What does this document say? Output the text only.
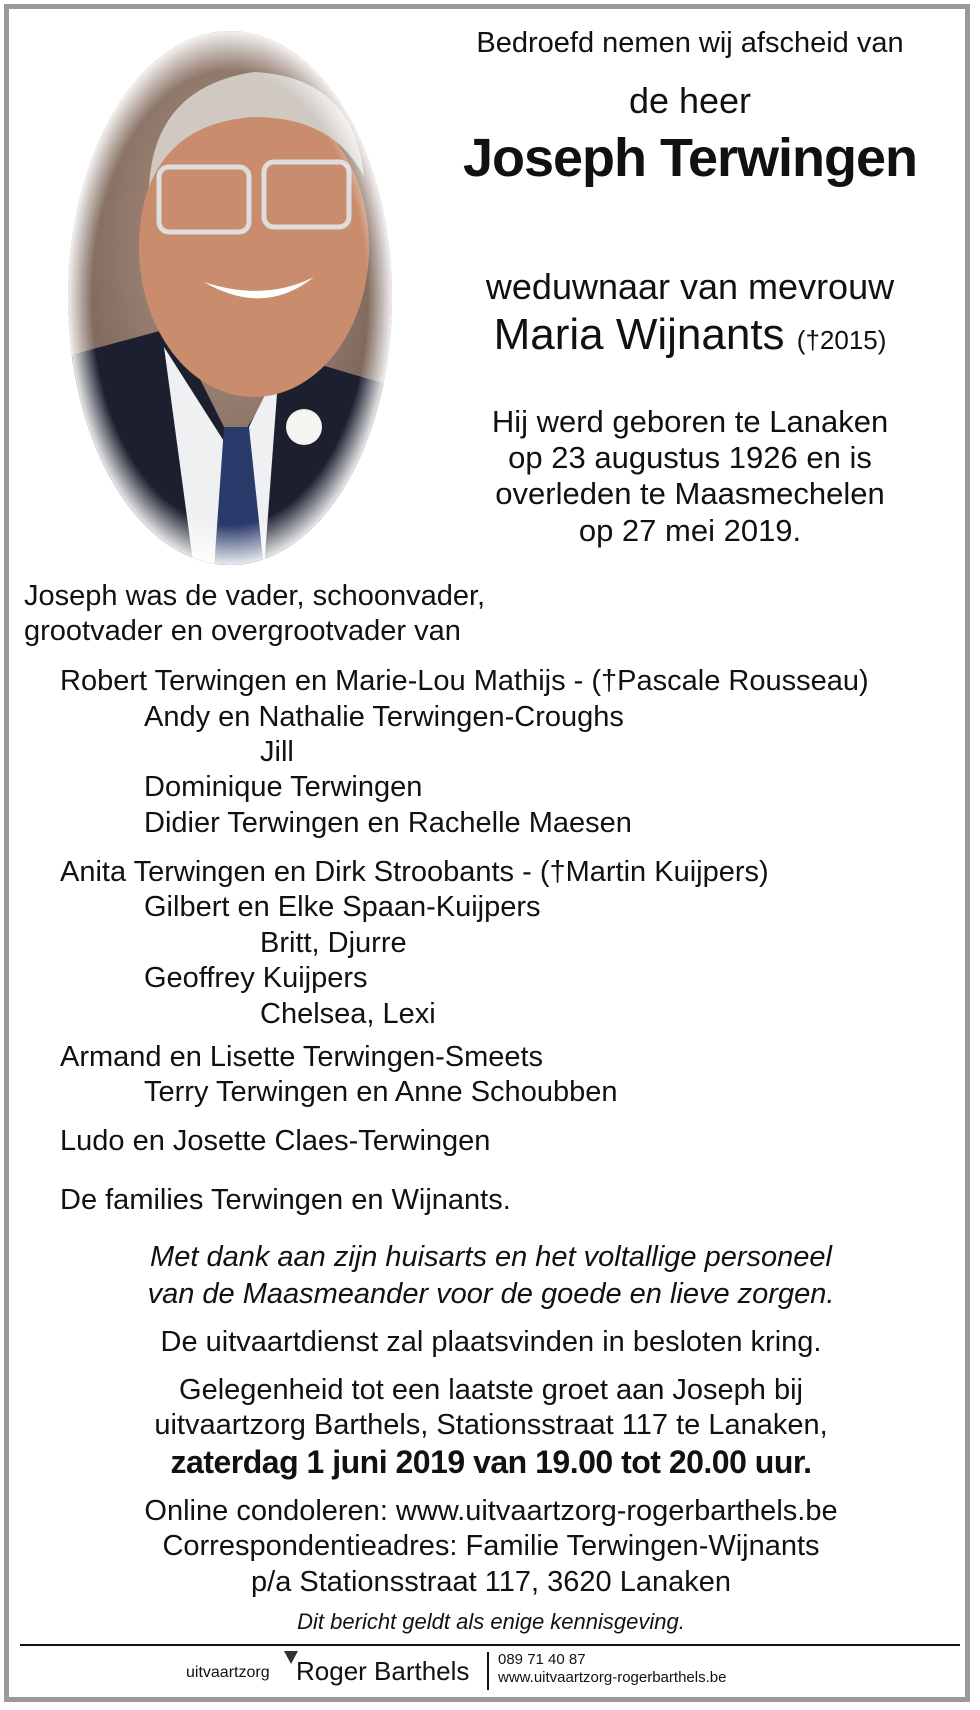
Bedroefd nemen wij afscheid van
de heer
Joseph Terwingen
weduwnaar van mevrouw
Maria Wijnants (†2015)
Hij werd geboren te Lanaken
op 23 augustus 1926 en is
overleden te Maasmechelen
op 27 mei 2019.
Joseph was de vader, schoonvader,
grootvader en overgrootvader van
Robert Terwingen en Marie-Lou Mathijs - (†Pascale Rousseau)
Andy en Nathalie Terwingen-Croughs
Jill
Dominique Terwingen
Didier Terwingen en Rachelle Maesen
Anita Terwingen en Dirk Stroobants - (†Martin Kuijpers)
Gilbert en Elke Spaan-Kuijpers
Britt, Djurre
Geoffrey Kuijpers
Chelsea, Lexi
Armand en Lisette Terwingen-Smeets
Terry Terwingen en Anne Schoubben
Ludo en Josette Claes-Terwingen
De families Terwingen en Wijnants.
Met dank aan zijn huisarts en het voltallige personeel
van de Maasmeander voor de goede en lieve zorgen.
De uitvaartdienst zal plaatsvinden in besloten kring.
Gelegenheid tot een laatste groet aan Joseph bij
uitvaartzorg Barthels, Stationsstraat 117 te Lanaken,
zaterdag 1 juni 2019 van 19.00 tot 20.00 uur.
Online condoleren: www.uitvaartzorg-rogerbarthels.be
Correspondentieadres: Familie Terwingen-Wijnants
p/a Stationsstraat 117, 3620 Lanaken
Dit bericht geldt als enige kennisgeving.
uitvaartzorg Roger Barthels 089 71 40 87
www.uitvaartzorg-rogerbarthels.be
